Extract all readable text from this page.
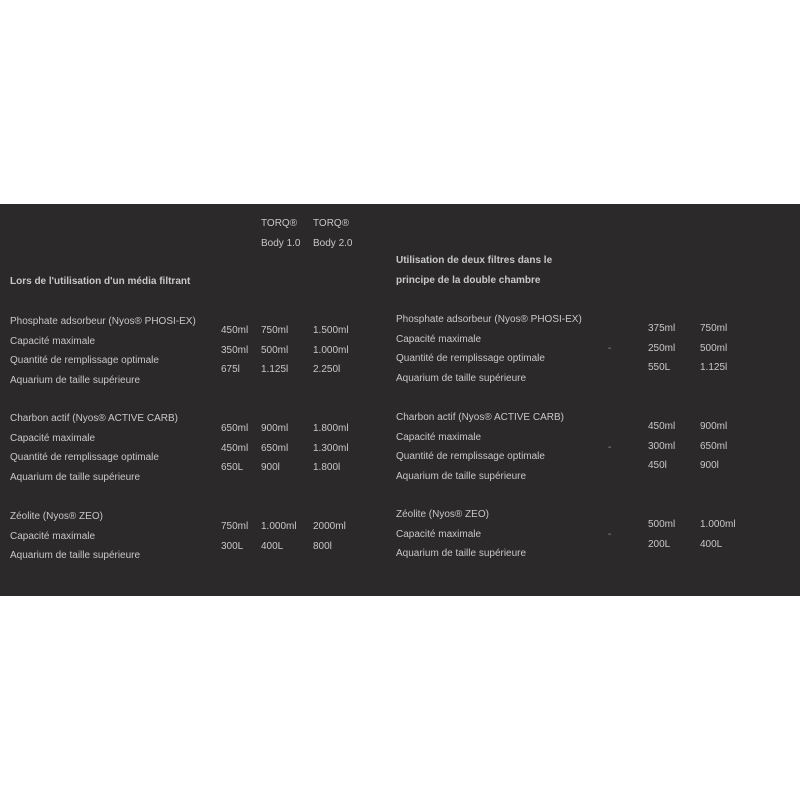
TORQ®
Body 1.0
TORQ®
Body 2.0
Lors de l'utilisation d'un média filtrant
Utilisation de deux filtres dans le
principe de la double chambre
Phosphate adsorbeur (Nyos® PHOSI-EX)
Capacité maximale
Quantité de remplissage optimale
Aquarium de taille supérieure
450ml
350ml
675l
750ml
500ml
1.125l
1.500ml
1.000ml
2.250l
Charbon actif (Nyos® ACTIVE CARB)
Capacité maximale
Quantité de remplissage optimale
Aquarium de taille supérieure
650ml
450ml
650L
900ml
650ml
900l
1.800ml
1.300ml
1.800l
Zéolite (Nyos® ZEO)
Capacité maximale
Aquarium de taille supérieure
750ml
300L
1.000ml
400L
2000ml
800l
Phosphate adsorbeur (Nyos® PHOSI-EX)
Capacité maximale
Quantité de remplissage optimale
Aquarium de taille supérieure
-
375ml
250ml
550L
750ml
500ml
1.125l
Charbon actif (Nyos® ACTIVE CARB)
Capacité maximale
Quantité de remplissage optimale
Aquarium de taille supérieure
-
450ml
300ml
450l
900ml
650ml
900l
Zéolite (Nyos® ZEO)
Capacité maximale
Aquarium de taille supérieure
-
500ml
200L
1.000ml
400L
